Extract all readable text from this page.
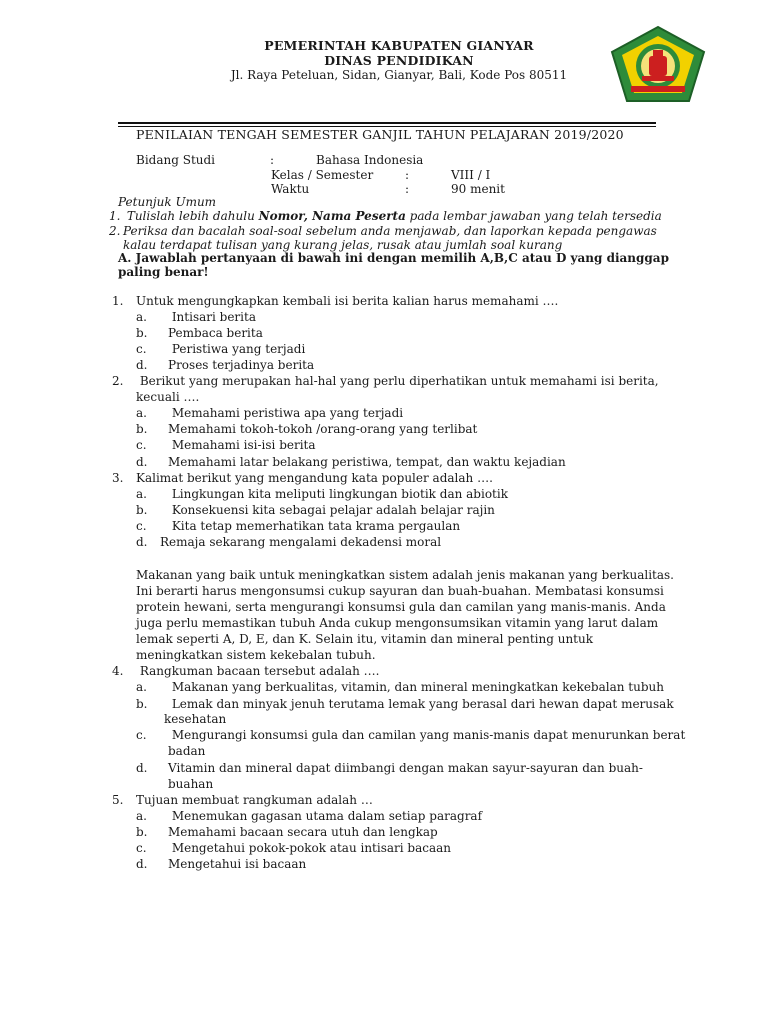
PEMERINTAH KABUPATEN GIANYAR
DINAS PENDIDIKAN
Jl. Raya Peteluan, Sidan, Gianyar, Bali, Kode Pos 80511
PENILAIAN TENGAH SEMESTER GANJIL TAHUN PELAJARAN 2019/2020
Bidang Studi	:	Bahasa Indonesia
Kelas / Semester	:	VIII / I
Waktu	:	90 menit
Petunjuk Umum
1. Tulislah lebih dahulu Nomor, Nama Peserta pada lembar jawaban yang telah tersedia
2. Periksa dan bacalah soal-soal sebelum anda menjawab, dan laporkan kepada pengawas
kalau terdapat tulisan yang kurang jelas, rusak atau jumlah soal kurang
A. Jawablah pertanyaan di bawah ini dengan memilih A,B,C atau D yang dianggap
paling benar!
1. Untuk mengungkapkan kembali isi berita kalian harus memahami ….
a. Intisari berita
b. Pembaca berita
c. Peristiwa yang terjadi
d. Proses terjadinya berita
2. Berikut yang merupakan hal-hal yang perlu diperhatikan untuk memahami isi berita,
kecuali ….
a. Memahami peristiwa apa yang terjadi
b. Memahami tokoh-tokoh /orang-orang yang terlibat
c. Memahami isi-isi berita
d. Memahami latar belakang peristiwa, tempat, dan waktu kejadian
3. Kalimat berikut yang mengandung kata populer adalah ….
a. Lingkungan kita meliputi lingkungan biotik dan abiotik
b. Konsekuensi kita sebagai pelajar adalah belajar rajin
c. Kita tetap memerhatikan tata krama pergaulan
d. Remaja sekarang mengalami dekadensi moral
Makanan yang baik untuk meningkatkan sistem adalah jenis makanan yang berkualitas.
Ini berarti harus mengonsumsi cukup sayuran dan buah-buahan. Membatasi konsumsi
protein hewani, serta mengurangi konsumsi gula dan camilan yang manis-manis. Anda
juga perlu memastikan tubuh Anda cukup mengonsumsikan vitamin yang larut dalam
lemak seperti A, D, E, dan K. Selain itu, vitamin dan mineral penting untuk
meningkatkan sistem kekebalan tubuh.
4. Rangkuman bacaan tersebut adalah ….
a. Makanan yang berkualitas, vitamin, dan mineral meningkatkan kekebalan tubuh
b. Lemak dan minyak jenuh terutama lemak yang berasal dari hewan dapat merusak
kesehatan
c. Mengurangi konsumsi gula dan camilan yang manis-manis dapat menurunkan berat
badan
d. Vitamin dan mineral dapat diimbangi dengan makan sayur-sayuran dan buah-
buahan
5. Tujuan membuat rangkuman adalah …
a. Menemukan gagasan utama dalam setiap paragraf
b. Memahami bacaan secara utuh dan lengkap
c. Mengetahui pokok-pokok atau intisari bacaan
d. Mengetahui isi bacaan
